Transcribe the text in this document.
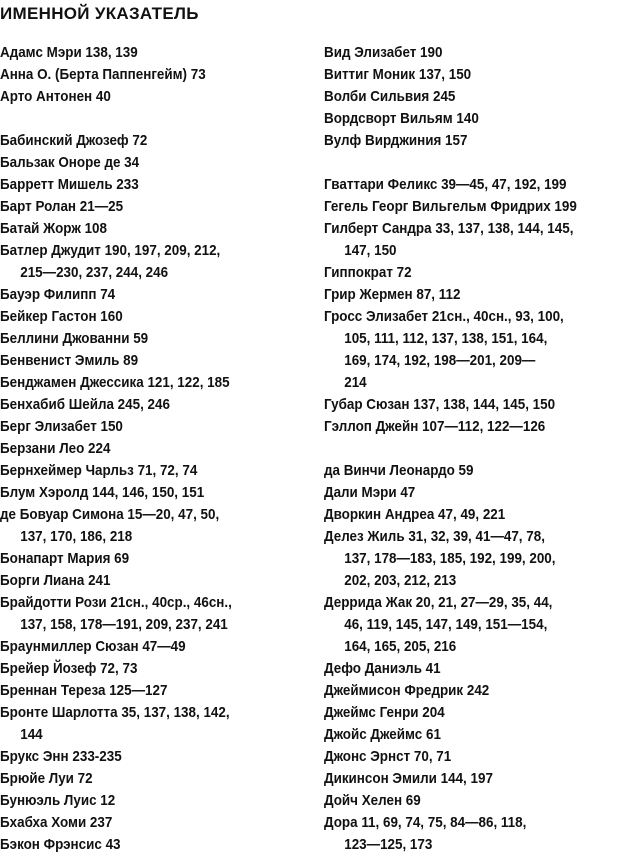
ИМЕННОЙ УКАЗАТЕЛЬ
Адамс Мэри 138, 139
Анна О. (Берта Паппенгейм) 73
Арто Антонен 40
Бабинский Джозеф 72
Бальзак Оноре де 34
Барретт Мишель 233
Барт Ролан 21—25
Батай Жорж 108
Батлер Джудит 190, 197, 209, 212,
215—230, 237, 244, 246
Бауэр Филипп 74
Бейкер Гастон 160
Беллини Джованни 59
Бенвенист Эмиль 89
Бенджамен Джессика 121, 122, 185
Бенхабиб Шейла 245, 246
Берг Элизабет 150
Берзани Лео 224
Бернхеймер Чарльз 71, 72, 74
Блум Хэролд 144, 146, 150, 151
де Бовуар Симона 15—20, 47, 50,
137, 170, 186, 218
Бонапарт Мария 69
Борги Лиана 241
Брайдотти Рози 21сн., 40ср., 46сн.,
137, 158, 178—191, 209, 237, 241
Браунмиллер Сюзан 47—49
Брейер Йозеф 72, 73
Бреннан Тереза 125—127
Бронте Шарлотта 35, 137, 138, 142,
144
Брукс Энн 233-235
Брюйе Луи 72
Бунюэль Луис 12
Бхабха Хоми 237
Бэкон Фрэнсис 43
Вид Элизабет 190
Виттиг Моник 137, 150
Волби Сильвия 245
Вордсворт Вильям 140
Вулф Вирджиния 157
Гваттари Феликс 39—45, 47, 192, 199
Гегель Георг Вильгельм Фридрих 199
Гилберт Сандра 33, 137, 138, 144, 145,
147, 150
Гиппократ 72
Грир Жермен 87, 112
Гросс Элизабет 21сн., 40сн., 93, 100,
105, 111, 112, 137, 138, 151, 164,
169, 174, 192, 198—201, 209—
214
Губар Сюзан 137, 138, 144, 145, 150
Гэллоп Джейн 107—112, 122—126
да Винчи Леонардо 59
Дали Мэри 47
Дворкин Андреа 47, 49, 221
Делез Жиль 31, 32, 39, 41—47, 78,
137, 178—183, 185, 192, 199, 200,
202, 203, 212, 213
Деррида Жак 20, 21, 27—29, 35, 44,
46, 119, 145, 147, 149, 151—154,
164, 165, 205, 216
Дефо Даниэль 41
Джеймисон Фредрик 242
Джеймс Генри 204
Джойс Джеймс 61
Джонс Эрнст 70, 71
Дикинсон Эмили 144, 197
Дойч Хелен 69
Дора 11, 69, 74, 75, 84—86, 118,
123—125, 173
